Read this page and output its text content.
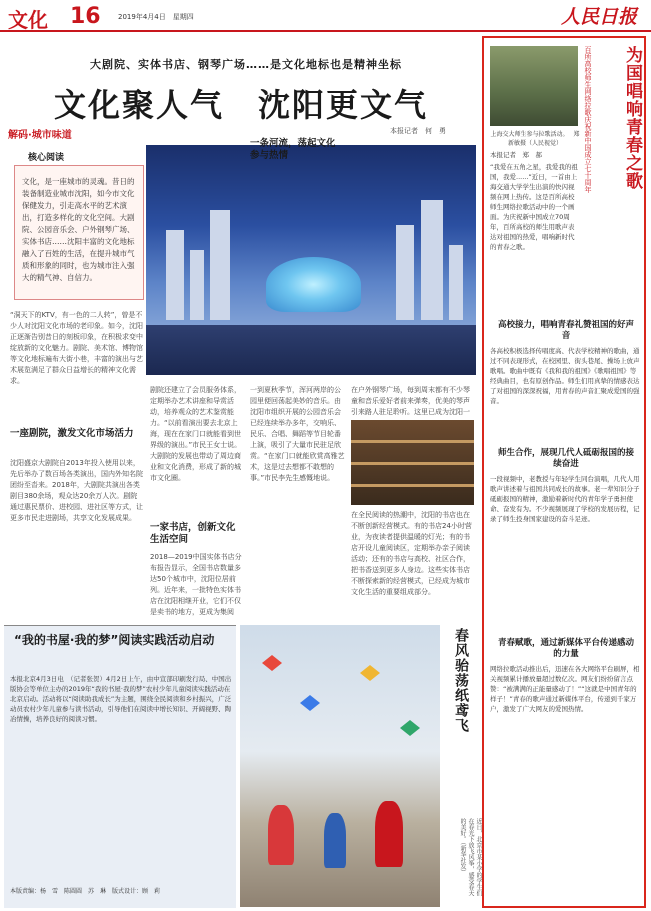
文化 16 2019年4月4日　星期四	人民日报
大剧院、实体书店、钢琴广场……是文化地标也是精神坐标
文化聚人气　沈阳更文气
解码·城市味道	本报记者　何　勇
核心阅读
文化，是一座城市的灵魂。昔日的装备制造业城市沈阳，如今市文化保健发力，引走高水平的艺术演出，打造多样化的文化空间。大剧院、公园音乐会、户外钢琴广场、实体书店……沈阳丰富的文化地标融入了百姓的生活，在提升城市气质和形象的同时，也为城市注入强大的精气神、自信力。
“洞天下的KTV，有一色的二人转”，曾是不少人对沈阳文化市场的老印象。如今，沈阳正逐渐告别昔日的刻板印象，在积极求变中绽放新的文化魅力。剧院、美术馆、博物馆等文化地标遍布大街小巷，丰富的演出与艺术展览满足了群众日益增长的精神文化需求。
一座剧院，激发文化市场活力
沈阳盛京大剧院自2013年投入使用以来，先后举办了数百场各类演出，国内外知名院团纷至沓来。2018年，大剧院共演出各类剧目380余场，观众达20余万人次。剧院通过惠民票价、进校园、进社区等方式，让更多市民走进剧场，共享文化发展成果。
剧院还建立了会员服务体系，定期举办艺术讲座和导赏活动，培养观众的艺术鉴赏能力。“以前看演出要去北京上海，现在在家门口就能看到世界级的演出。”市民王女士说。大剧院的发展也带动了周边商业和文化消费，形成了新的城市文化圈。
一家书店，创新文化生活空间
2018—2019中国实体书店分布报告显示，全国书店数量多达50个城市中，沈阳位居前列。近年来，一批特色实体书店在沈阳相继开业，它们不仅是卖书的地方，更成为集阅
一条河流，荡起文化参与热情
一到夏秋季节，浑河两岸的公园里便回荡起美妙的音乐。由沈阳市组织开展的公园音乐会已经连续举办多年，交响乐、民乐、合唱、舞蹈等节目轮番上演，吸引了大量市民驻足欣赏。“在家门口就能欣赏高雅艺术，这是过去想都不敢想的事。”市民李先生感慨地说。
在户外钢琴广场，每到周末都有不少琴童和音乐爱好者前来弹奏，优美的琴声引来路人驻足聆听。这里已成为沈阳一
在全民阅读的热潮中，沈阳的书店也在不断创新经营模式。有的书店24小时营业，为夜读者提供温暖的灯光；有的书店开设儿童阅读区，定期举办亲子阅读活动；还有的书店与高校、社区合作，把书香送到更多人身边。这些实体书店不断探索新的经营模式，已经成为城市文化生活的重要组成部分。
上海交大师生参与拉歌活动。　 郑新敏摄（人民视觉）	百所高校师生网络拉歌庆祝新中国成立七十周年	为国唱响青春之歌
本报记者　郑　郝
“我爱在五角之星，我爱我的祖国，我爱......”近日，一首由上海交通大学学生出演的快闪视频在网上热传。这是百所高校师生网络拉歌活动中的一个画面。为庆祝新中国成立70周年，百所高校的师生用歌声表达对祖国的热爱，唱响新时代的青春之歌。
高校接力，唱响青春礼赞祖国的好声音
各高校积极选择传唱度高、代表学校精神的歌曲，通过不同表现形式，在校园里、街头巷尾、操场上放声歌唱。歌曲中既有《我和我的祖国》《歌唱祖国》等经典曲目，也有原创作品。师生们用真挚的情感表达了对祖国的深深祝福，用青春的声音汇聚成爱国的强音。
师生合作，展现几代人砥砺报国的接续奋进
一段视频中，老教授与年轻学生同台演唱，几代人用歌声讲述着与祖国共同成长的故事。老一辈知识分子砥砺报国的精神，激励着新时代的青年学子勇担使命、奋发有为。不少视频展现了学校的发展历程，记录了师生投身国家建设的奋斗足迹。
青春赋歌，通过新媒体平台传递感动的力量
网络拉歌活动推出后，迅速在各大网络平台刷屏，相关视频累计播放量超过数亿次。网友们纷纷留言点赞：“被满满的正能量感动了！”“这就是中国青年的样子！”青春的歌声通过新媒体平台，传递到千家万户，激发了广大网友的爱国热情。
“我的书屋·我的梦”阅读实践活动启动
本报北京4月3日电　（记者张贺）4月2日上午，由中宣部印刷发行局、中国出版协会等单位主办的2019年“我的书屋·我的梦”农村少年儿童阅读实践活动在北京启动。活动将以“阅读助我成长”为主题，围绕全民阅读和乡村振兴，广泛动员农村少年儿童参与读书活动，引导他们在阅读中增长知识、开阔视野、陶冶情操，培养良好的阅读习惯。
本版责编：杨　雪　陈圆圆　苏　琳　版式设计：顾　莉
春风骀荡纸鸢飞
近日，北京市某小学的学生们在春光下放飞风筝，感受春天的美好。（新华社发）
